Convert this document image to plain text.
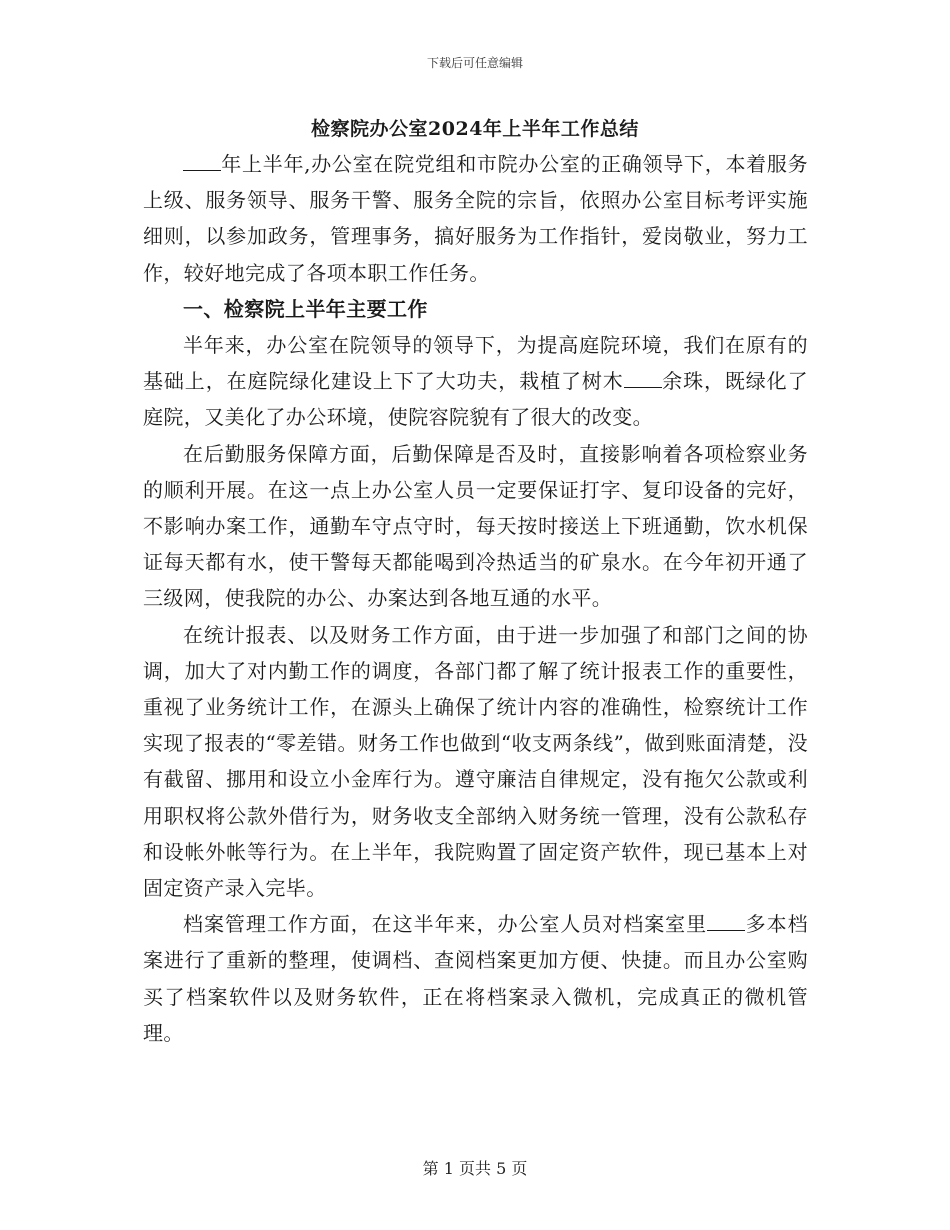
下载后可任意编辑
检察院办公室2024年上半年工作总结

年上半年,办公室在院党组和市院办公室的正确领导下，本着服务上级、服务领导、服务干警、服务全院的宗旨，依照办公室目标考评实施细则，以参加政务，管理事务，搞好服务为工作指针，爱岗敬业，努力工作，较好地完成了各项本职工作任务。

一、检察院上半年主要工作

半年来，办公室在院领导的领导下，为提高庭院环境，我们在原有的基础上，在庭院绿化建设上下了大功夫，栽植了树木 余珠，既绿化了庭院，又美化了办公环境，使院容院貌有了很大的改变。

在后勤服务保障方面，后勤保障是否及时，直接影响着各项检察业务的顺利开展。在这一点上办公室人员一定要保证打字、复印设备的完好，不影响办案工作，通勤车守点守时，每天按时接送上下班通勤，饮水机保证每天都有水，使干警每天都能喝到冷热适当的矿泉水。在今年初开通了三级网，使我院的办公、办案达到各地互通的水平。

在统计报表、以及财务工作方面，由于进一步加强了和部门之间的协调，加大了对内勤工作的调度，各部门都了解了统计报表工作的重要性，重视了业务统计工作，在源头上确保了统计内容的准确性，检察统计工作实现了报表的“零差错。财务工作也做到“收支两条线”，做到账面清楚，没有截留、挪用和设立小金库行为。遵守廉洁自律规定，没有拖欠公款或利用职权将公款外借行为，财务收支全部纳入财务统一管理，没有公款私存和设帐外帐等行为。在上半年，我院购置了固定资产软件，现已基本上对固定资产录入完毕。

档案管理工作方面，在这半年来，办公室人员对档案室里 多本档案进行了重新的整理，使调档、查阅档案更加方便、快捷。而且办公室购买了档案软件以及财务软件，正在将档案录入微机，完成真正的微机管理。

第 1 页共 5 页
